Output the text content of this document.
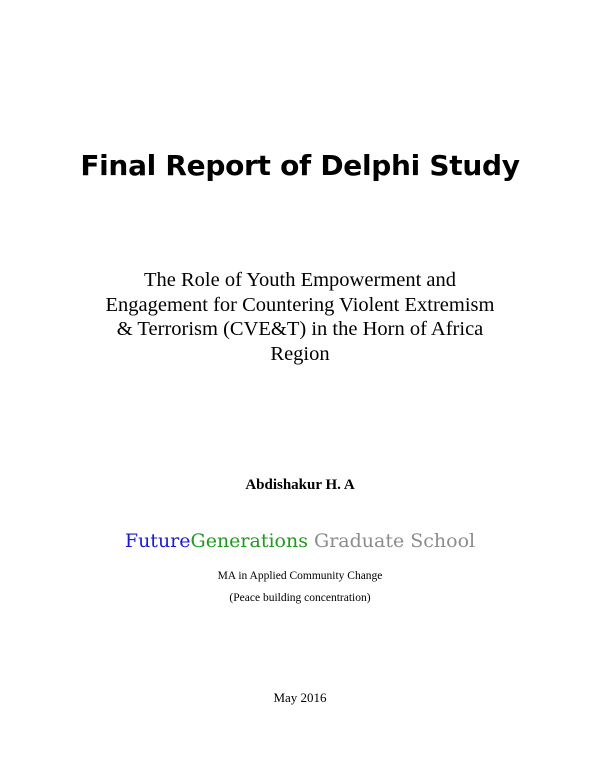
Final Report of Delphi Study
The Role of Youth Empowerment and
Engagement for Countering Violent Extremism
& Terrorism (CVE&T) in the Horn of Africa
Region
Abdishakur H. A
FutureGenerations Graduate School
MA in Applied Community Change
(Peace building concentration)
May 2016
